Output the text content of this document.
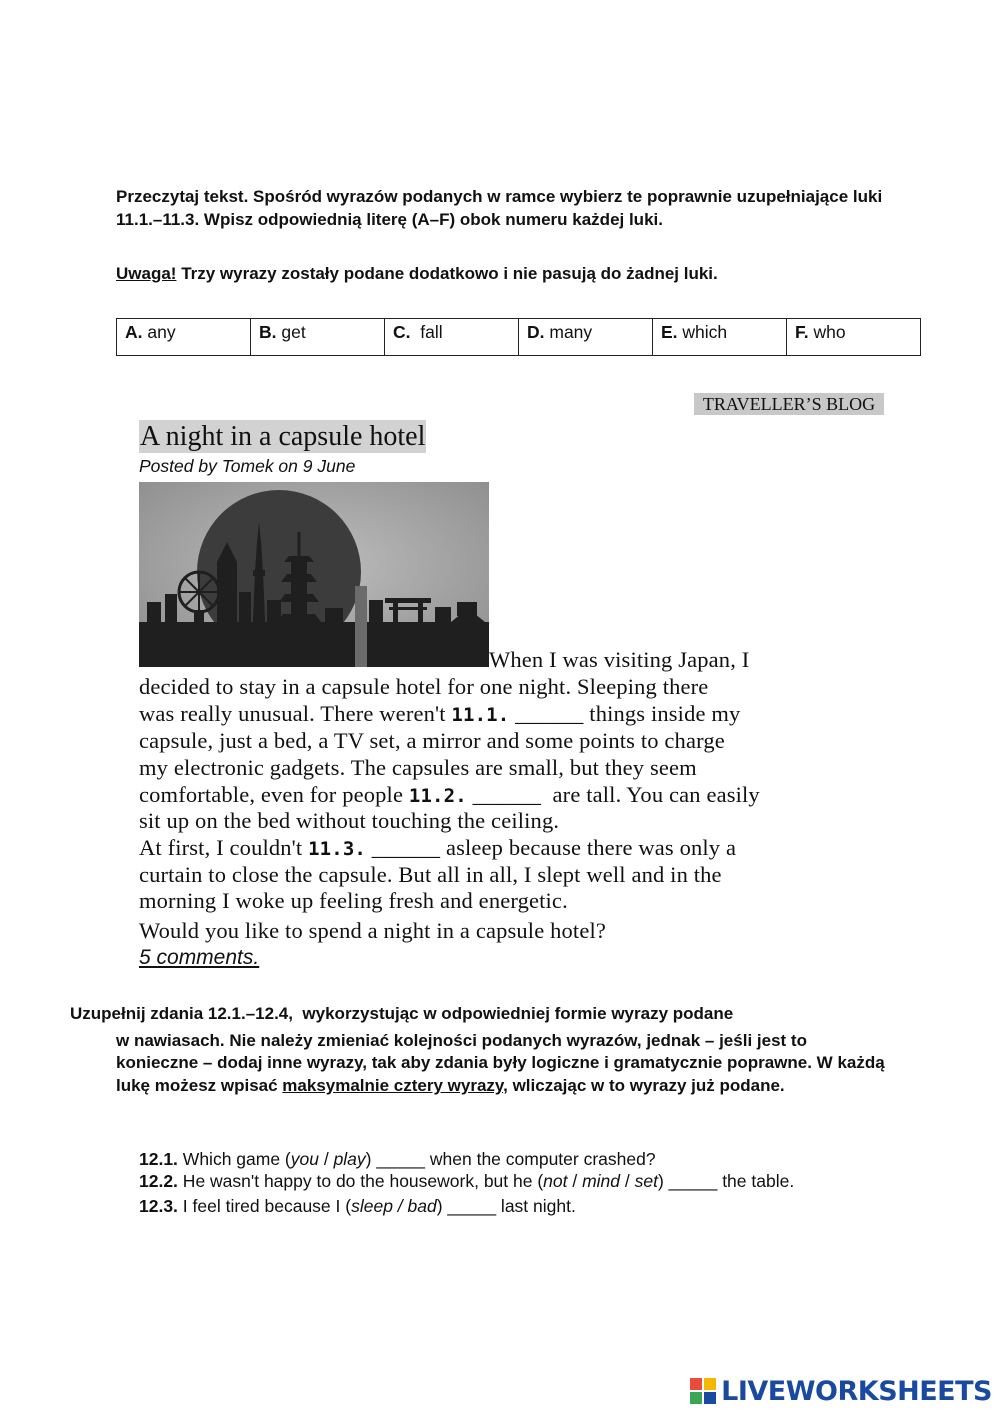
Przeczytaj tekst. Spośród wyrazów podanych w ramce wybierz te poprawnie uzupełniające luki 11.1.–11.3. Wpisz odpowiednią literę (A–F) obok numeru każdej luki.
Uwaga! Trzy wyrazy zostały podane dodatkowo i nie pasują do żadnej luki.
A. any	B. get	C.  fall	D. many	E. which	F. who
TRAVELLER’S BLOG
A night in a capsule hotel
Posted by Tomek on 9 June
When I was visiting Japan, I
decided to stay in a capsule hotel for one night. Sleeping there
was really unusual. There weren't 11.1. ______ things inside my
capsule, just a bed, a TV set, a mirror and some points to charge
my electronic gadgets. The capsules are small, but they seem
comfortable, even for people 11.2. ______  are tall. You can easily
sit up on the bed without touching the ceiling.
At first, I couldn't 11.3. ______ asleep because there was only a
curtain to close the capsule. But all in all, I slept well and in the
morning I woke up feeling fresh and energetic.
Would you like to spend a night in a capsule hotel?
5 comments.
Uzupełnij zdania 12.1.–12.4,  wykorzystując w odpowiedniej formie wyrazy podane
w nawiasach. Nie należy zmieniać kolejności podanych wyrazów, jednak – jeśli jest to konieczne – dodaj inne wyrazy, tak aby zdania były logiczne i gramatycznie poprawne. W każdą lukę możesz wpisać maksymalnie cztery wyrazy, wliczając w to wyrazy już podane.
12.1. Which game (you / play) _____ when the computer crashed?
12.2. He wasn't happy to do the housework, but he (not / mind / set) _____ the table.
12.3. I feel tired because I (sleep / bad) _____ last night.
LIVEWORKSHEETS
